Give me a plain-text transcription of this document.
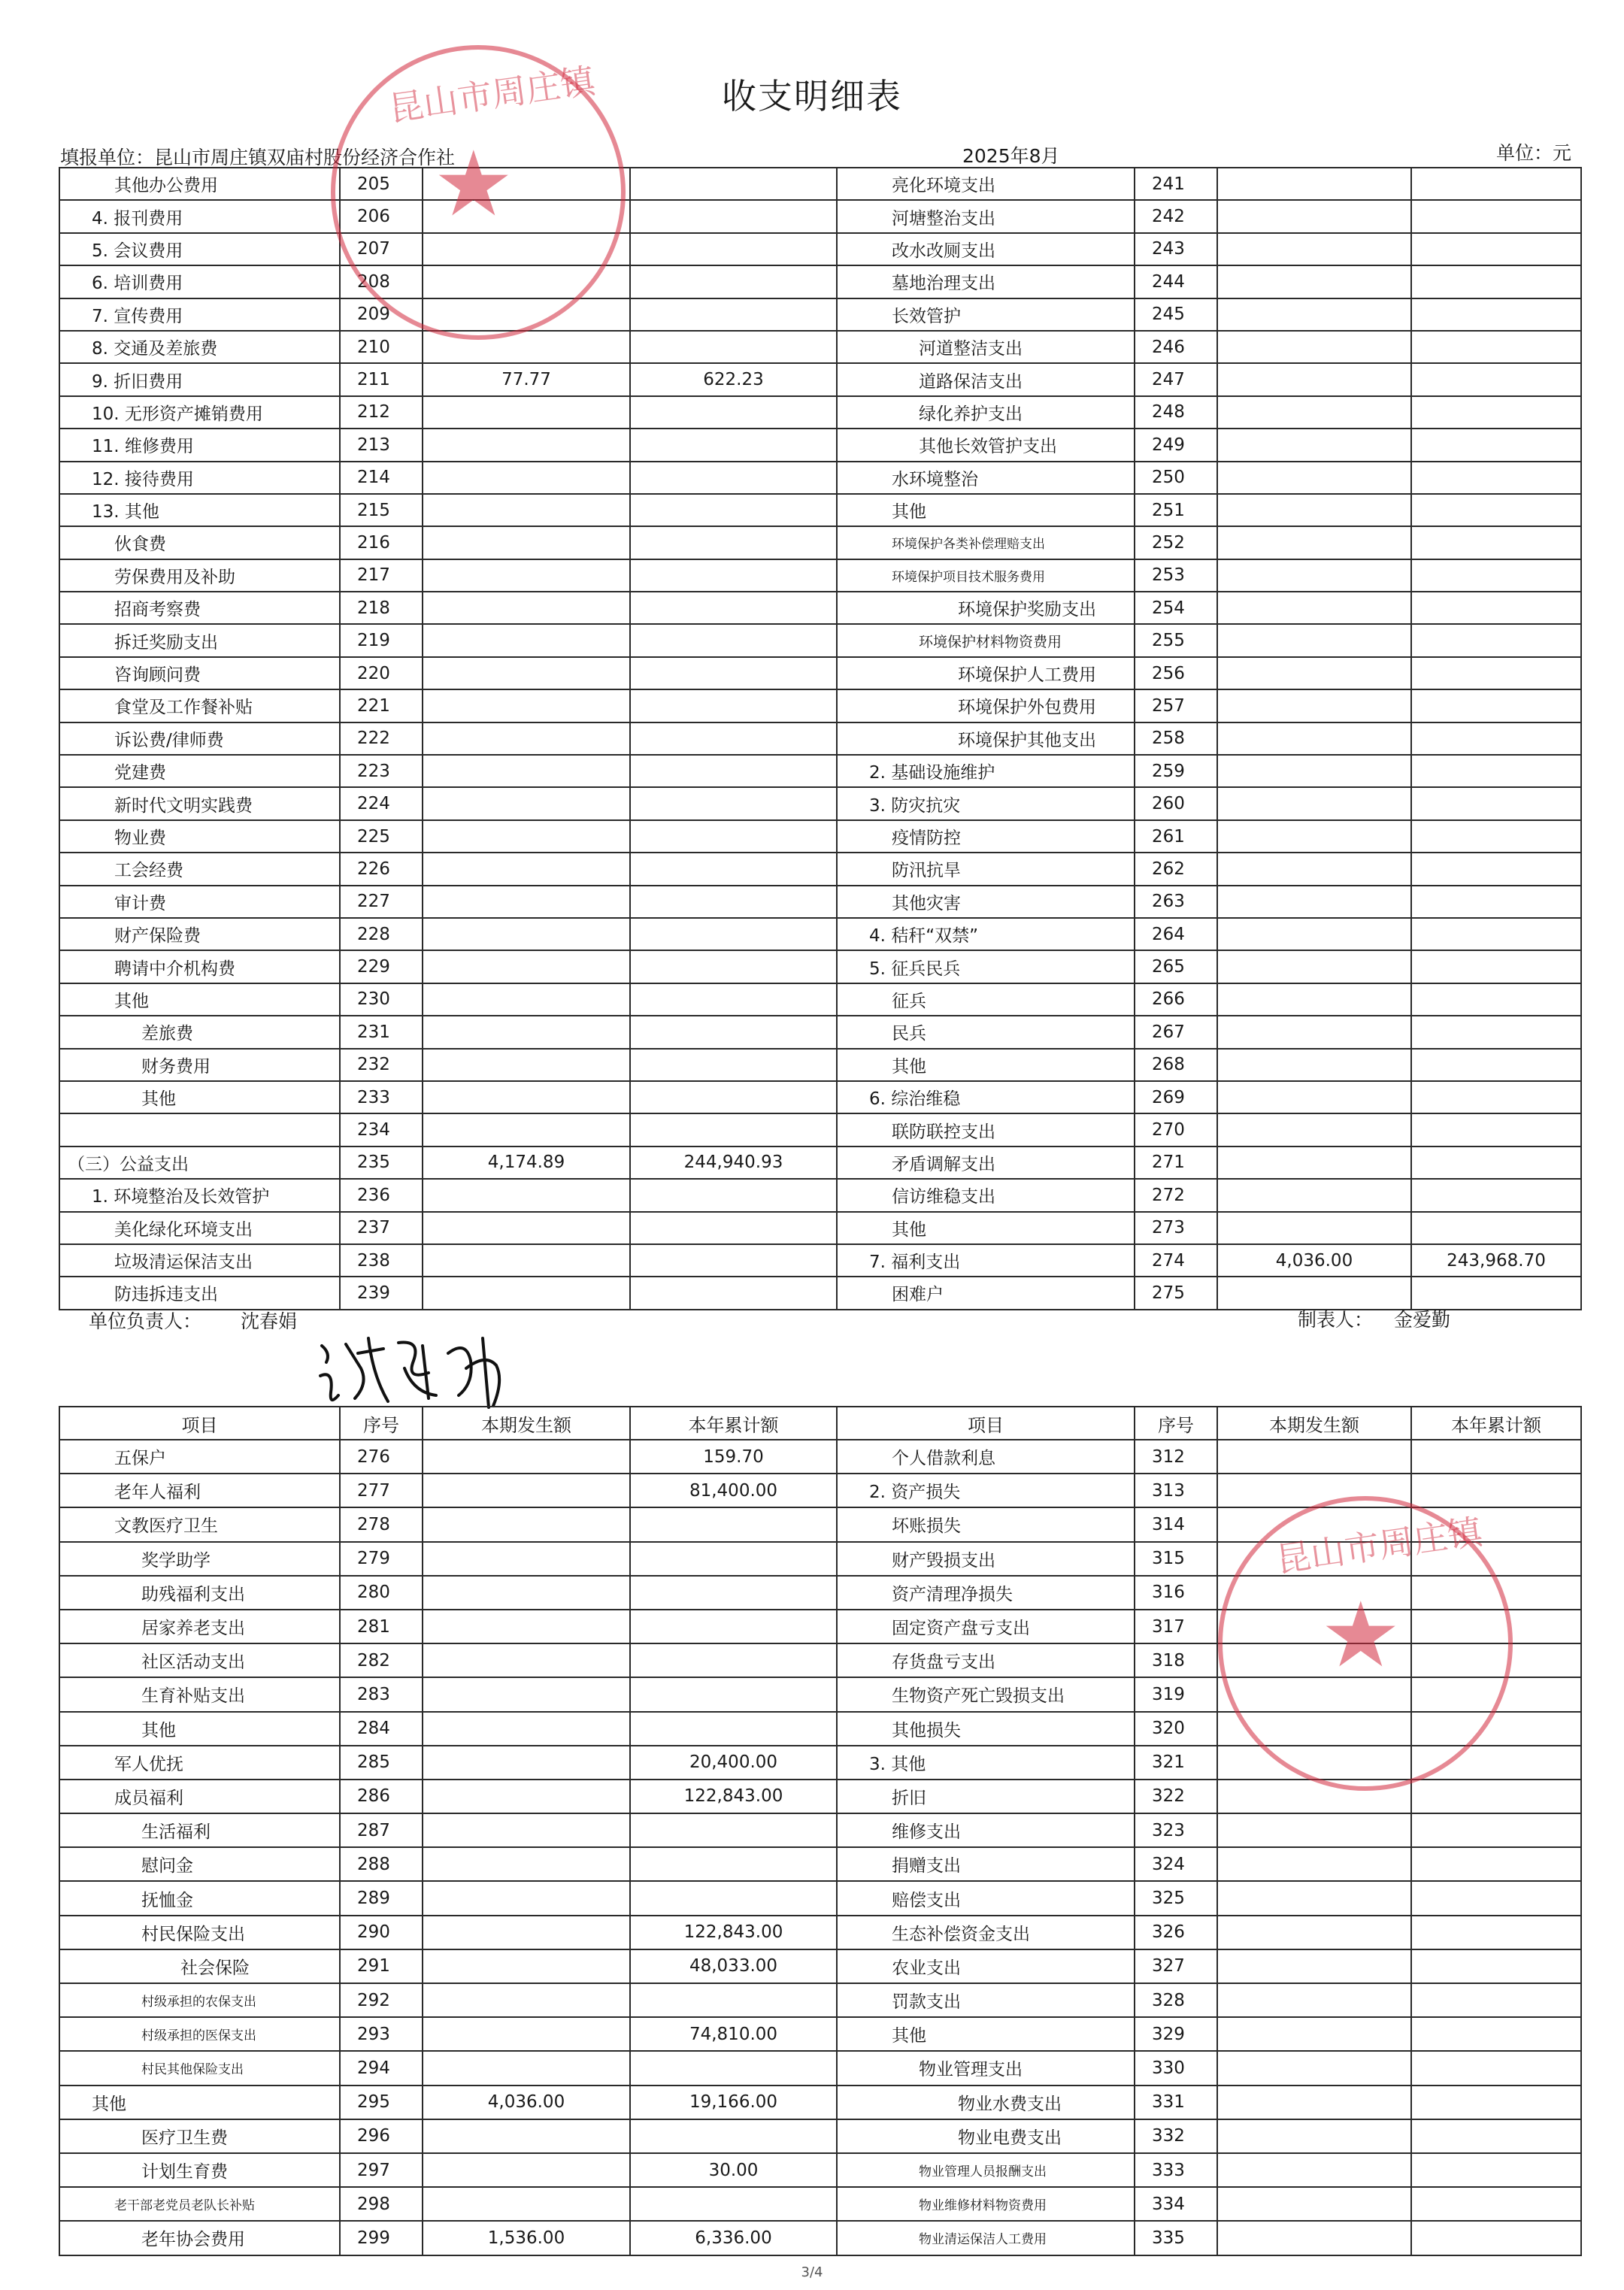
收支明细表
填报单位：昆山市周庄镇双庙村股份经济合作社	2025年8月	单位：元
其他办公费用	205			亮化环境支出	241		
4. 报刊费用	206			河塘整治支出	242		
5. 会议费用	207			改水改厕支出	243		
6. 培训费用	208			墓地治理支出	244		
7. 宣传费用	209			长效管护	245		
8. 交通及差旅费	210			河道整洁支出	246		
9. 折旧费用	211	77.77	622.23	道路保洁支出	247		
10. 无形资产摊销费用	212			绿化养护支出	248		
11. 维修费用	213			其他长效管护支出	249		
12. 接待费用	214			水环境整治	250		
13. 其他	215			其他	251		
伙食费	216			环境保护各类补偿理赔支出	252		
劳保费用及补助	217			环境保护项目技术服务费用	253		
招商考察费	218			环境保护奖励支出	254		
拆迁奖励支出	219			环境保护材料物资费用	255		
咨询顾问费	220			环境保护人工费用	256		
食堂及工作餐补贴	221			环境保护外包费用	257		
诉讼费/律师费	222			环境保护其他支出	258		
党建费	223			2. 基础设施维护	259		
新时代文明实践费	224			3. 防灾抗灾	260		
物业费	225			疫情防控	261		
工会经费	226			防汛抗旱	262		
审计费	227			其他灾害	263		
财产保险费	228			4. 秸秆“双禁”	264		
聘请中介机构费	229			5. 征兵民兵	265		
其他	230			征兵	266		
差旅费	231			民兵	267		
财务费用	232			其他	268		
其他	233			6. 综治维稳	269		
	234			联防联控支出	270		
（三）公益支出	235	4,174.89	244,940.93	矛盾调解支出	271		
1. 环境整治及长效管护	236			信访维稳支出	272		
美化绿化环境支出	237			其他	273		
垃圾清运保洁支出	238			7. 福利支出	274	4,036.00	243,968.70
防违拆违支出	239			困难户	275		
单位负责人： 沈春娟	制表人： 金爱勤
项目	序号	本期发生额	本年累计额	项目	序号	本期发生额	本年累计额
五保户	276		159.70	个人借款利息	312		
老年人福利	277		81,400.00	2. 资产损失	313		
文教医疗卫生	278			坏账损失	314		
奖学助学	279			财产毁损支出	315		
助残福利支出	280			资产清理净损失	316		
居家养老支出	281			固定资产盘亏支出	317		
社区活动支出	282			存货盘亏支出	318		
生育补贴支出	283			生物资产死亡毁损支出	319		
其他	284			其他损失	320		
军人优抚	285		20,400.00	3. 其他	321		
成员福利	286		122,843.00	折旧	322		
生活福利	287			维修支出	323		
慰问金	288			捐赠支出	324		
抚恤金	289			赔偿支出	325		
村民保险支出	290		122,843.00	生态补偿资金支出	326		
社会保险	291		48,033.00	农业支出	327		
村级承担的农保支出	292			罚款支出	328		
村级承担的医保支出	293		74,810.00	其他	329		
村民其他保险支出	294			物业管理支出	330		
其他	295	4,036.00	19,166.00	物业水费支出	331		
医疗卫生费	296			物业电费支出	332		
计划生育费	297		30.00	物业管理人员报酬支出	333		
老干部老党员老队长补贴	298			物业维修材料物资费用	334		
老年协会费用	299	1,536.00	6,336.00	物业清运保洁人工费用	335		
★
昆山市周庄镇
★
昆山市周庄镇
3/4
